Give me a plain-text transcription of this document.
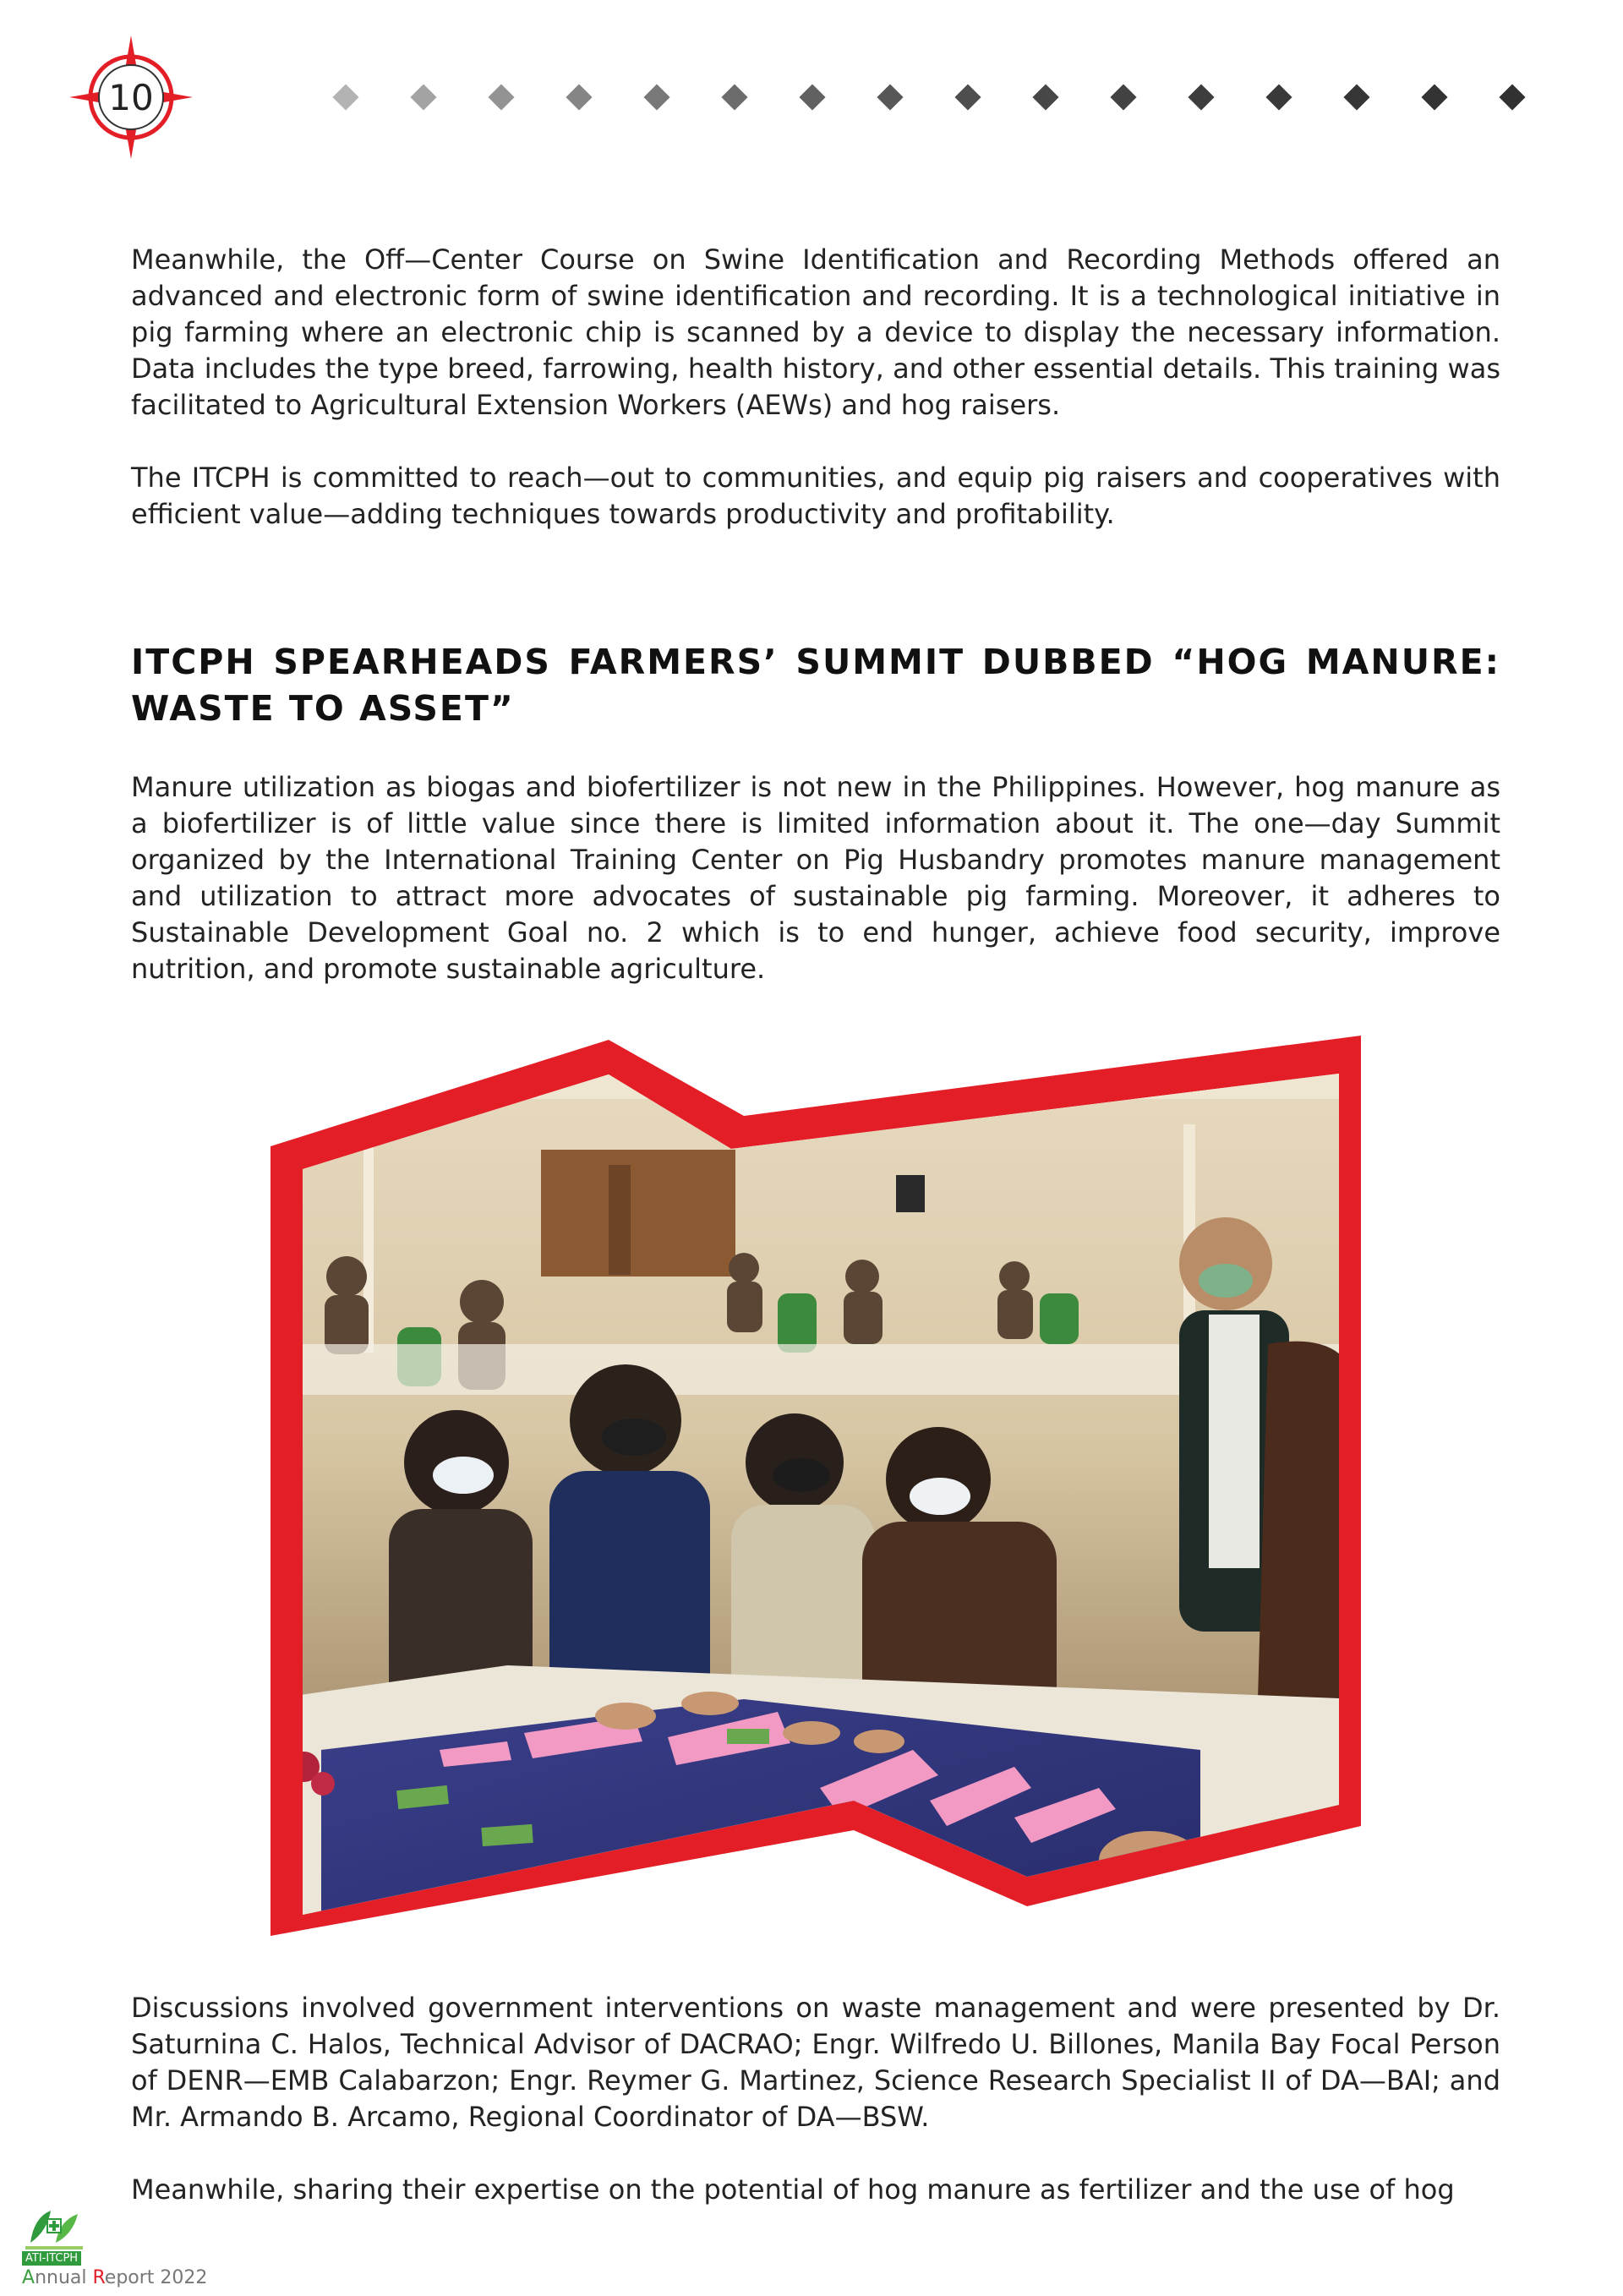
10

Meanwhile, the Off—Center Course on Swine Identification and Recording Methods offered an advanced and electronic form of swine identification and recording. It is a technological initiative in pig farming where an electronic chip is scanned by a device to display the necessary information. Data includes the type breed, farrowing, health history, and other essential details. This training was facilitated to Agricultural Extension Workers (AEWs) and hog raisers.

The ITCPH is committed to reach—out to communities, and equip pig raisers and cooperatives with efficient value—adding techniques towards productivity and profitability.

ITCPH SPEARHEADS FARMERS’ SUMMIT DUBBED “HOG MANURE: WASTE TO ASSET”

Manure utilization as biogas and biofertilizer is not new in the Philippines. However, hog manure as a biofertilizer is of little value since there is limited information about it. The one—day Summit organized by the International Training Center on Pig Husbandry promotes manure management and utilization to attract more advocates of sustainable pig farming. Moreover, it adheres to Sustainable Development Goal no. 2 which is to end hunger, achieve food security, improve nutrition, and promote sustainable agriculture.

Discussions involved government interventions on waste management and were presented by Dr. Saturnina C. Halos, Technical Advisor of DACRAO; Engr. Wilfredo U. Billones, Manila Bay Focal Person of DENR—EMB Calabarzon; Engr. Reymer G. Martinez, Science Research Specialist II of DA—BAI; and Mr. Armando B. Arcamo, Regional Coordinator of DA—BSW.

Meanwhile, sharing their expertise on the potential of hog manure as fertilizer and the use of hog

ATI-ITCPH
Annual Report 2022
